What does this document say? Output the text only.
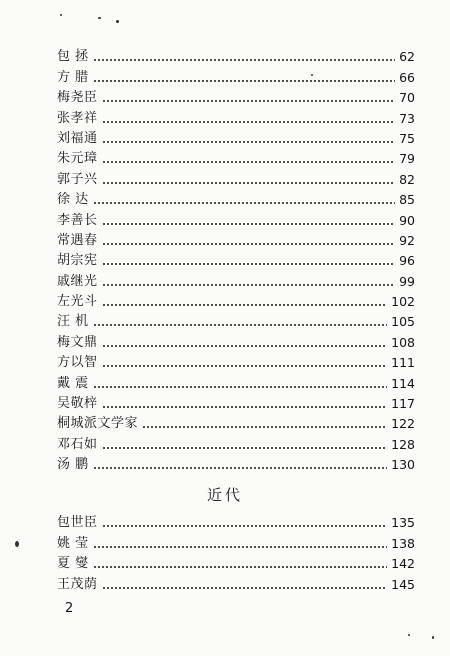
包 拯	62
方 腊	66
梅尧臣	70
张孝祥	73
刘福通	75
朱元璋	79
郭子兴	82
徐 达	85
李善长	90
常遇春	92
胡宗宪	96
戚继光	99
左光斗	102
汪 机	105
梅文鼎	108
方以智	111
戴 震	114
吴敬梓	117
桐城派文学家	122
邓石如	128
汤 鹏	130
近代
包世臣	135
姚 莹	138
夏 燮	142
王茂荫	145
2
